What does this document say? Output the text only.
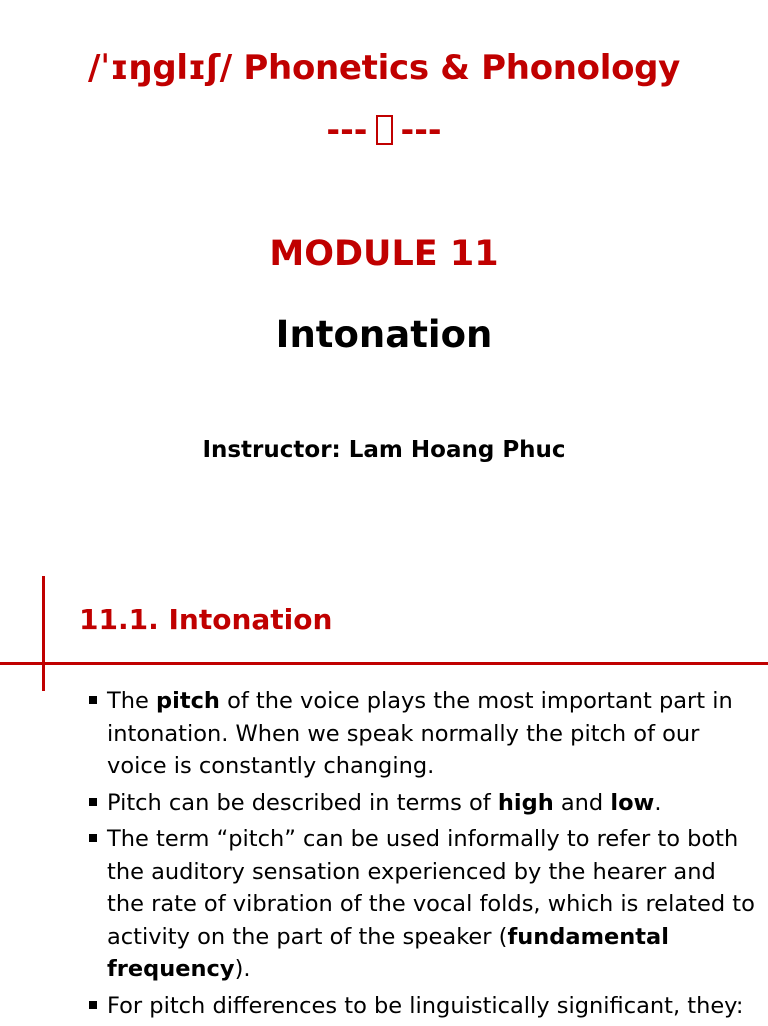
/ˈɪŋglɪʃ/ Phonetics & Phonology
--- ---
MODULE 11
Intonation
Instructor: Lam Hoang Phuc
11.1. Intonation
The pitch of the voice plays the most important part in intonation. When we speak normally the pitch of our voice is constantly changing.
Pitch can be described in terms of high and low.
The term “pitch” can be used informally to refer to both the auditory sensation experienced by the hearer and the rate of vibration of the vocal folds, which is related to activity on the part of the speaker (fundamental frequency).
For pitch differences to be linguistically significant, they:
